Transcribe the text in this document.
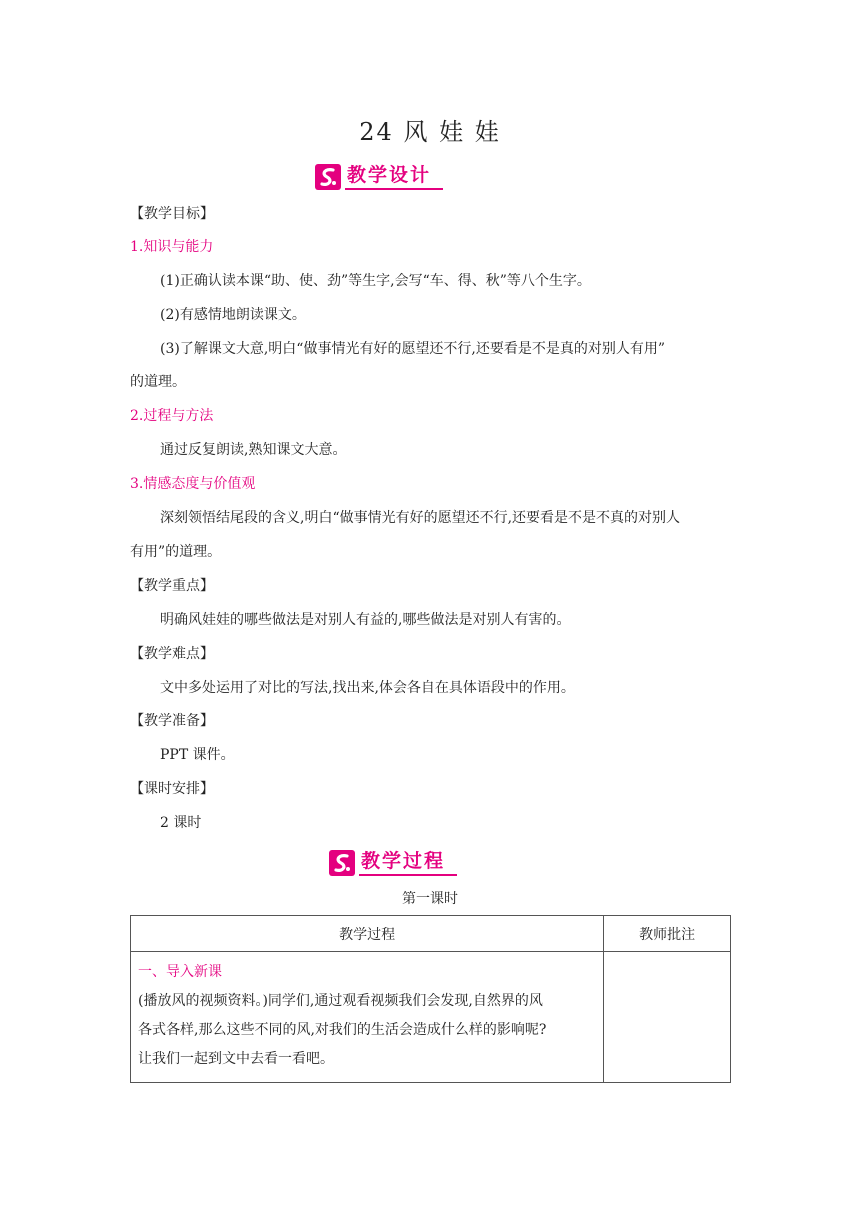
24 风 娃 娃
教学设计
【教学目标】
1.知识与能力
(1)正确认读本课“助、使、劲”等生字,会写“车、得、秋”等八个生字。
(2)有感情地朗读课文。
(3)了解课文大意,明白“做事情光有好的愿望还不行,还要看是不是真的对别人有用”
的道理。
2.过程与方法
通过反复朗读,熟知课文大意。
3.情感态度与价值观
深刻领悟结尾段的含义,明白“做事情光有好的愿望还不行,还要看是不是不真的对别人
有用”的道理。
【教学重点】
明确风娃娃的哪些做法是对别人有益的,哪些做法是对别人有害的。
【教学难点】
文中多处运用了对比的写法,找出来,体会各自在具体语段中的作用。
【教学准备】
PPT 课件。
【课时安排】
2 课时
教学过程
第一课时
教学过程	教师批注

一、导入新课
(播放风的视频资料。)同学们,通过观看视频我们会发现,自然界的风
各式各样,那么这些不同的风,对我们的生活会造成什么样的影响呢?
让我们一起到文中去看一看吧。	
